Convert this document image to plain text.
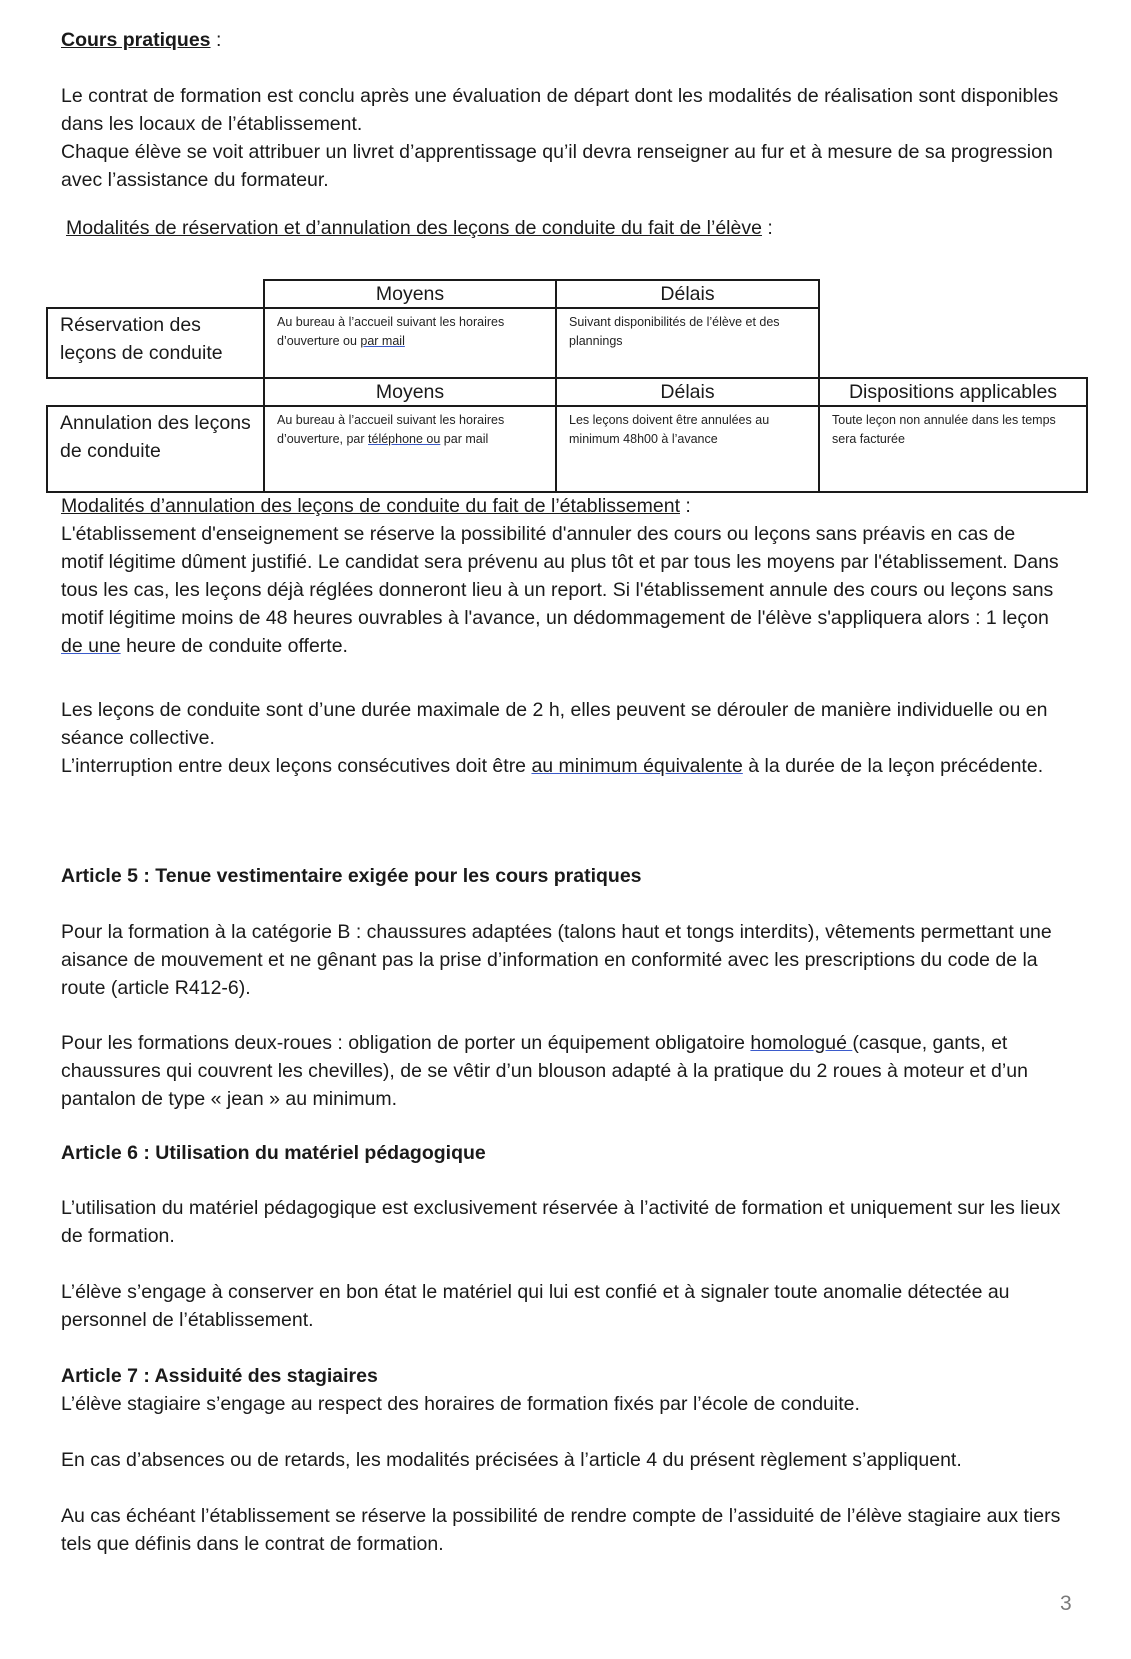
Cours pratiques :

Le contrat de formation est conclu après une évaluation de départ dont les modalités de réalisation sont disponibles dans les locaux de l’établissement.
Chaque élève se voit attribuer un livret d’apprentissage qu’il devra renseigner au fur et à mesure de sa progression avec l’assistance du formateur.

Modalités de réservation et d’annulation des leçons de conduite du fait de l’élève :

	Moyens	Délais	
Réservation des leçons de conduite	Au bureau à l’accueil suivant les horaires d’ouverture ou par mail	Suivant disponibilités de l’élève et des plannings	
	Moyens	Délais	Dispositions applicables
Annulation des leçons de conduite	Au bureau à l’accueil suivant les horaires d’ouverture, par téléphone ou par mail	Les leçons doivent être annulées au minimum 48h00 à l’avance	Toute leçon non annulée dans les temps sera facturée

Modalités d’annulation des leçons de conduite du fait de l’établissement :

L'établissement d'enseignement se réserve la possibilité d'annuler des cours ou leçons sans préavis en cas de motif légitime dûment justifié. Le candidat sera prévenu au plus tôt et par tous les moyens par l'établissement. Dans tous les cas, les leçons déjà réglées donneront lieu à un report. Si l'établissement annule des cours ou leçons sans motif légitime moins de 48 heures ouvrables à l'avance, un dédommagement de l'élève s'appliquera alors : 1 leçon de une heure de conduite offerte.

Les leçons de conduite sont d’une durée maximale de 2 h, elles peuvent se dérouler de manière individuelle ou en séance collective.
L’interruption entre deux leçons consécutives doit être au minimum équivalente à la durée de la leçon précédente.

Article 5 : Tenue vestimentaire exigée pour les cours pratiques

Pour la formation à la catégorie B : chaussures adaptées (talons haut et tongs interdits), vêtements permettant une aisance de mouvement et ne gênant pas la prise d’information en conformité avec les prescriptions du code de la route (article R412-6).

Pour les formations deux-roues : obligation de porter un équipement obligatoire homologué (casque, gants, et chaussures qui couvrent les chevilles), de se vêtir d’un blouson adapté à la pratique du 2 roues à moteur et d’un pantalon de type « jean » au minimum.

Article 6 : Utilisation du matériel pédagogique

L’utilisation du matériel pédagogique est exclusivement réservée à l’activité de formation et uniquement sur les lieux de formation.

L’élève s’engage à conserver en bon état le matériel qui lui est confié et à signaler toute anomalie détectée au personnel de l’établissement.

Article 7 : Assiduité des stagiaires

L’élève stagiaire s’engage au respect des horaires de formation fixés par l’école de conduite.

En cas d’absences ou de retards, les modalités précisées à l’article 4 du présent règlement s’appliquent.

Au cas échéant l’établissement se réserve la possibilité de rendre compte de l’assiduité de l’élève stagiaire aux tiers tels que définis dans le contrat de formation.

3
